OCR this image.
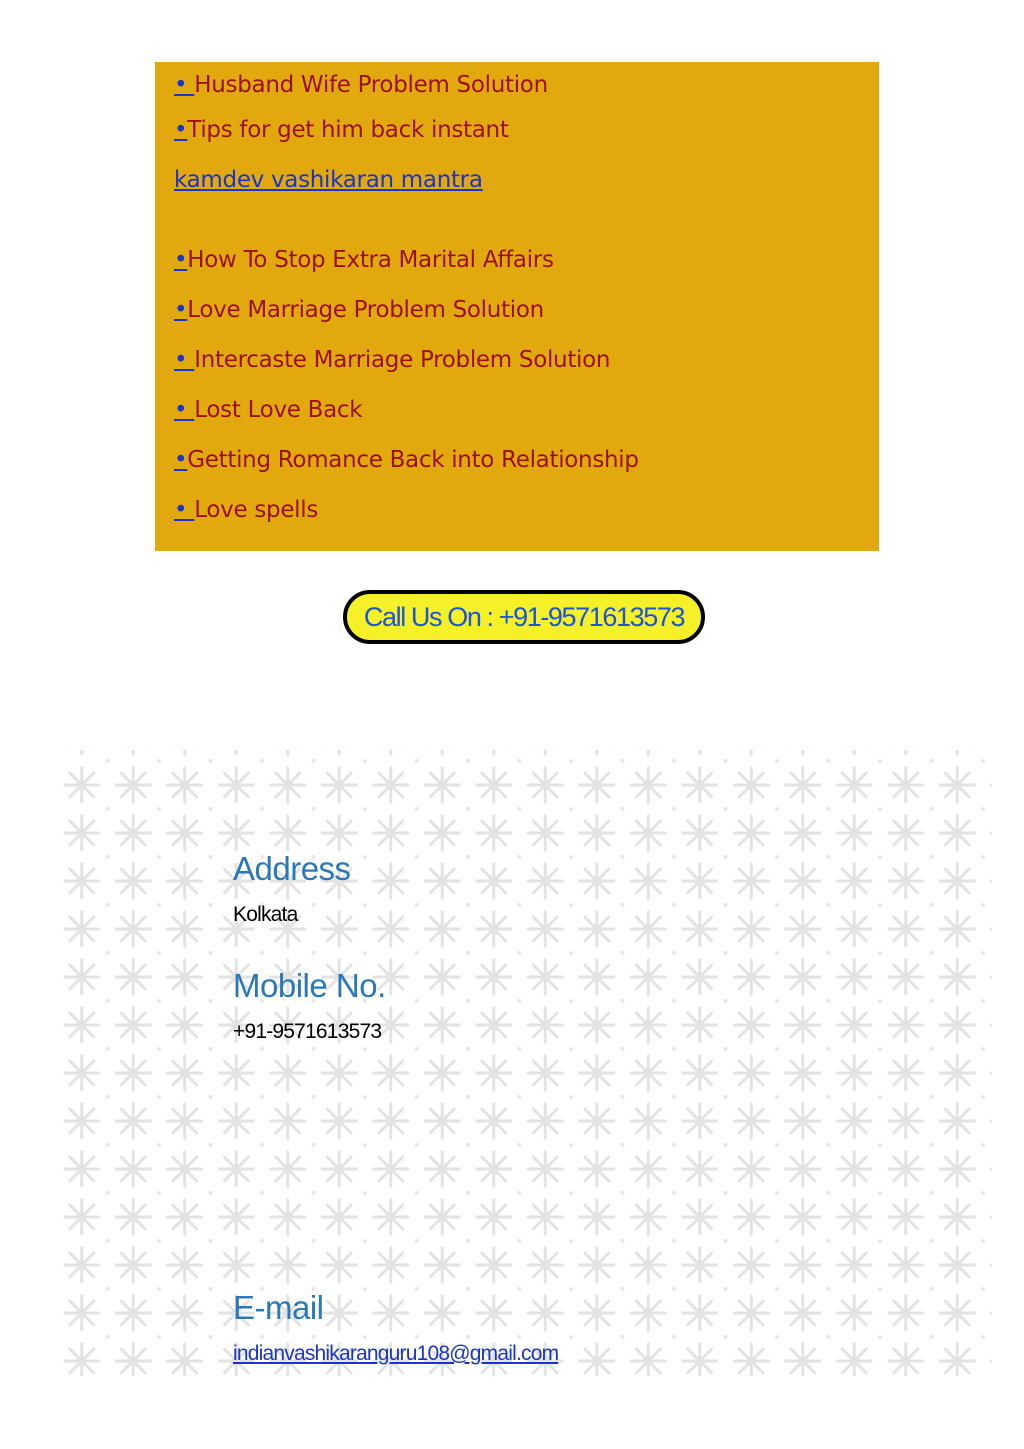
• Husband Wife Problem Solution

•Tips for get him back instant

kamdev vashikaran mantra

•How To Stop Extra Marital Affairs

•Love Marriage Problem Solution

• Intercaste Marriage Problem Solution

• Lost Love Back

•Getting Romance Back into Relationship

• Love spells

Call Us On : +91-9571613573
Address
Kolkata
Mobile No.
+91-9571613573
E-mail
indianvashikaranguru108@gmail.com
